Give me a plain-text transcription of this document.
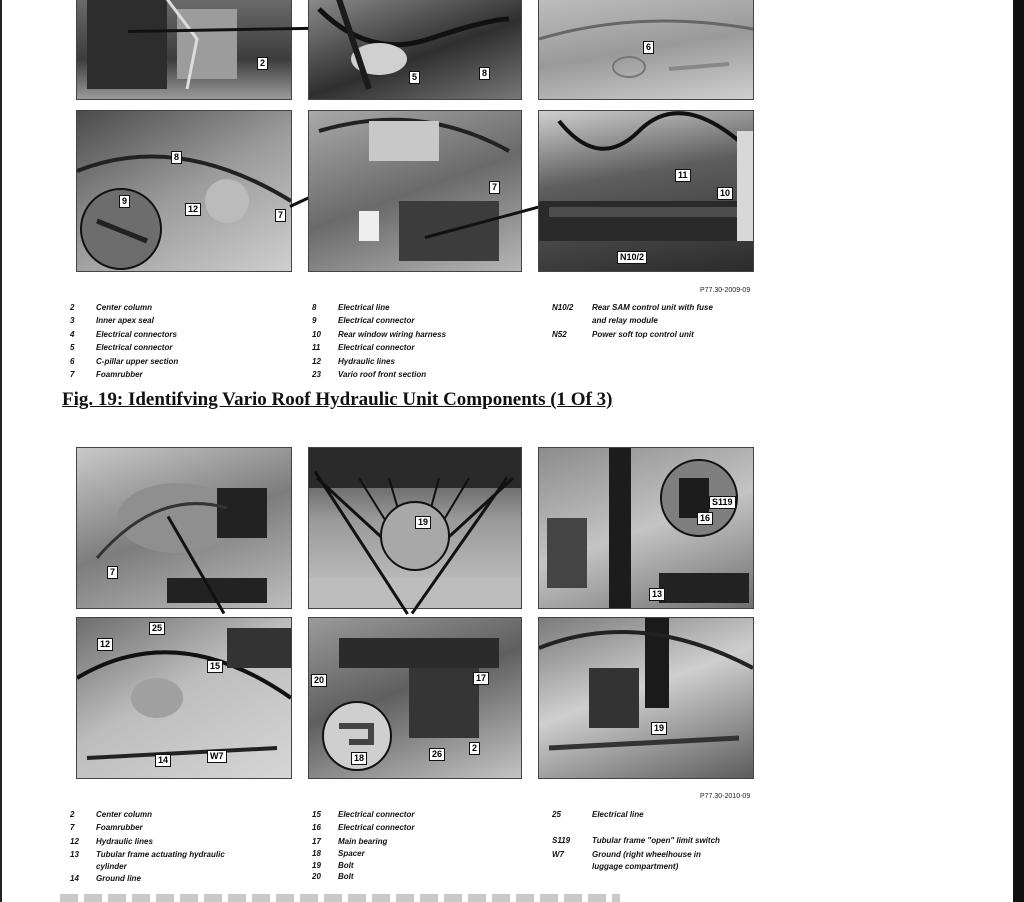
2
5	8
6
8
9
12
7
7
11
10
N10/2
P77.30-2009-09
2	Center column
3	Inner apex seal
4	Electrical connectors
5	Electrical connector
6	C-pillar upper section
7	Foamrubber
8	Electrical line
9	Electrical connector
10	Rear window wiring harness
11	Electrical connector
12	Hydraulic lines
23	Vario roof front section
N10/2	Rear SAM control unit with fuse
and relay module
N52	Power soft top control unit
Fig. 19: Identifving Vario Roof Hydraulic Unit Components (1 Of 3)
7
19
S119
16
13
25
12
15
14	W7
20	17
18	26
2
19
P77.30-2010-09
2	Center column
7	Foamrubber
12	Hydraulic lines
13	Tubular frame actuating hydraulic
cylinder
14	Ground line
15	Electrical connector
16	Electrical connector
17	Main bearing
18	Spacer
19	Bolt
20	Bolt
25	Electrical line
S119	Tubular frame "open" limit switch
W7	Ground (right wheelhouse in
luggage compartment)
